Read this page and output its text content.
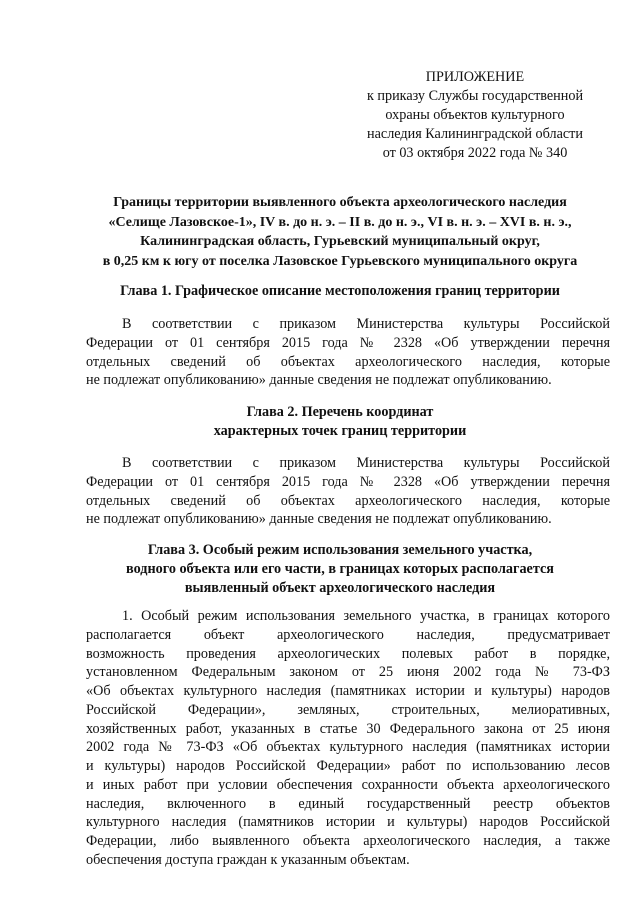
ПРИЛОЖЕНИЕ
к приказу Службы государственной
охраны объектов культурного
наследия Калининградской области
от 03 октября 2022 года № 340
Границы территории выявленного объекта археологического наследия
«Селище Лазовское-1», IV в. до н. э. – II в. до н. э., VI в. н. э. – XVI в. н. э.,
Калининградская область, Гурьевский муниципальный округ,
в 0,25 км к югу от поселка Лазовское Гурьевского муниципального округа
Глава 1. Графическое описание местоположения границ территории
В соответствии с приказом Министерства культуры Российской
Федерации от 01 сентября 2015 года № 2328 «Об утверждении перечня
отдельных сведений об объектах археологического наследия, которые
не подлежат опубликованию» данные сведения не подлежат опубликованию.
Глава 2. Перечень координат
характерных точек границ территории
В соответствии с приказом Министерства культуры Российской
Федерации от 01 сентября 2015 года № 2328 «Об утверждении перечня
отдельных сведений об объектах археологического наследия, которые
не подлежат опубликованию» данные сведения не подлежат опубликованию.
Глава 3. Особый режим использования земельного участка,
водного объекта или его части, в границах которых располагается
выявленный объект археологического наследия
1. Особый режим использования земельного участка, в границах которого
располагается объект археологического наследия, предусматривает
возможность проведения археологических полевых работ в порядке,
установленном Федеральным законом от 25 июня 2002 года № 73-ФЗ
«Об объектах культурного наследия (памятниках истории и культуры) народов
Российской Федерации», земляных, строительных, мелиоративных,
хозяйственных работ, указанных в статье 30 Федерального закона от 25 июня
2002 года № 73-ФЗ «Об объектах культурного наследия (памятниках истории
и культуры) народов Российской Федерации» работ по использованию лесов
и иных работ при условии обеспечения сохранности объекта археологического
наследия, включенного в единый государственный реестр объектов
культурного наследия (памятников истории и культуры) народов Российской
Федерации, либо выявленного объекта археологического наследия, а также
обеспечения доступа граждан к указанным объектам.
